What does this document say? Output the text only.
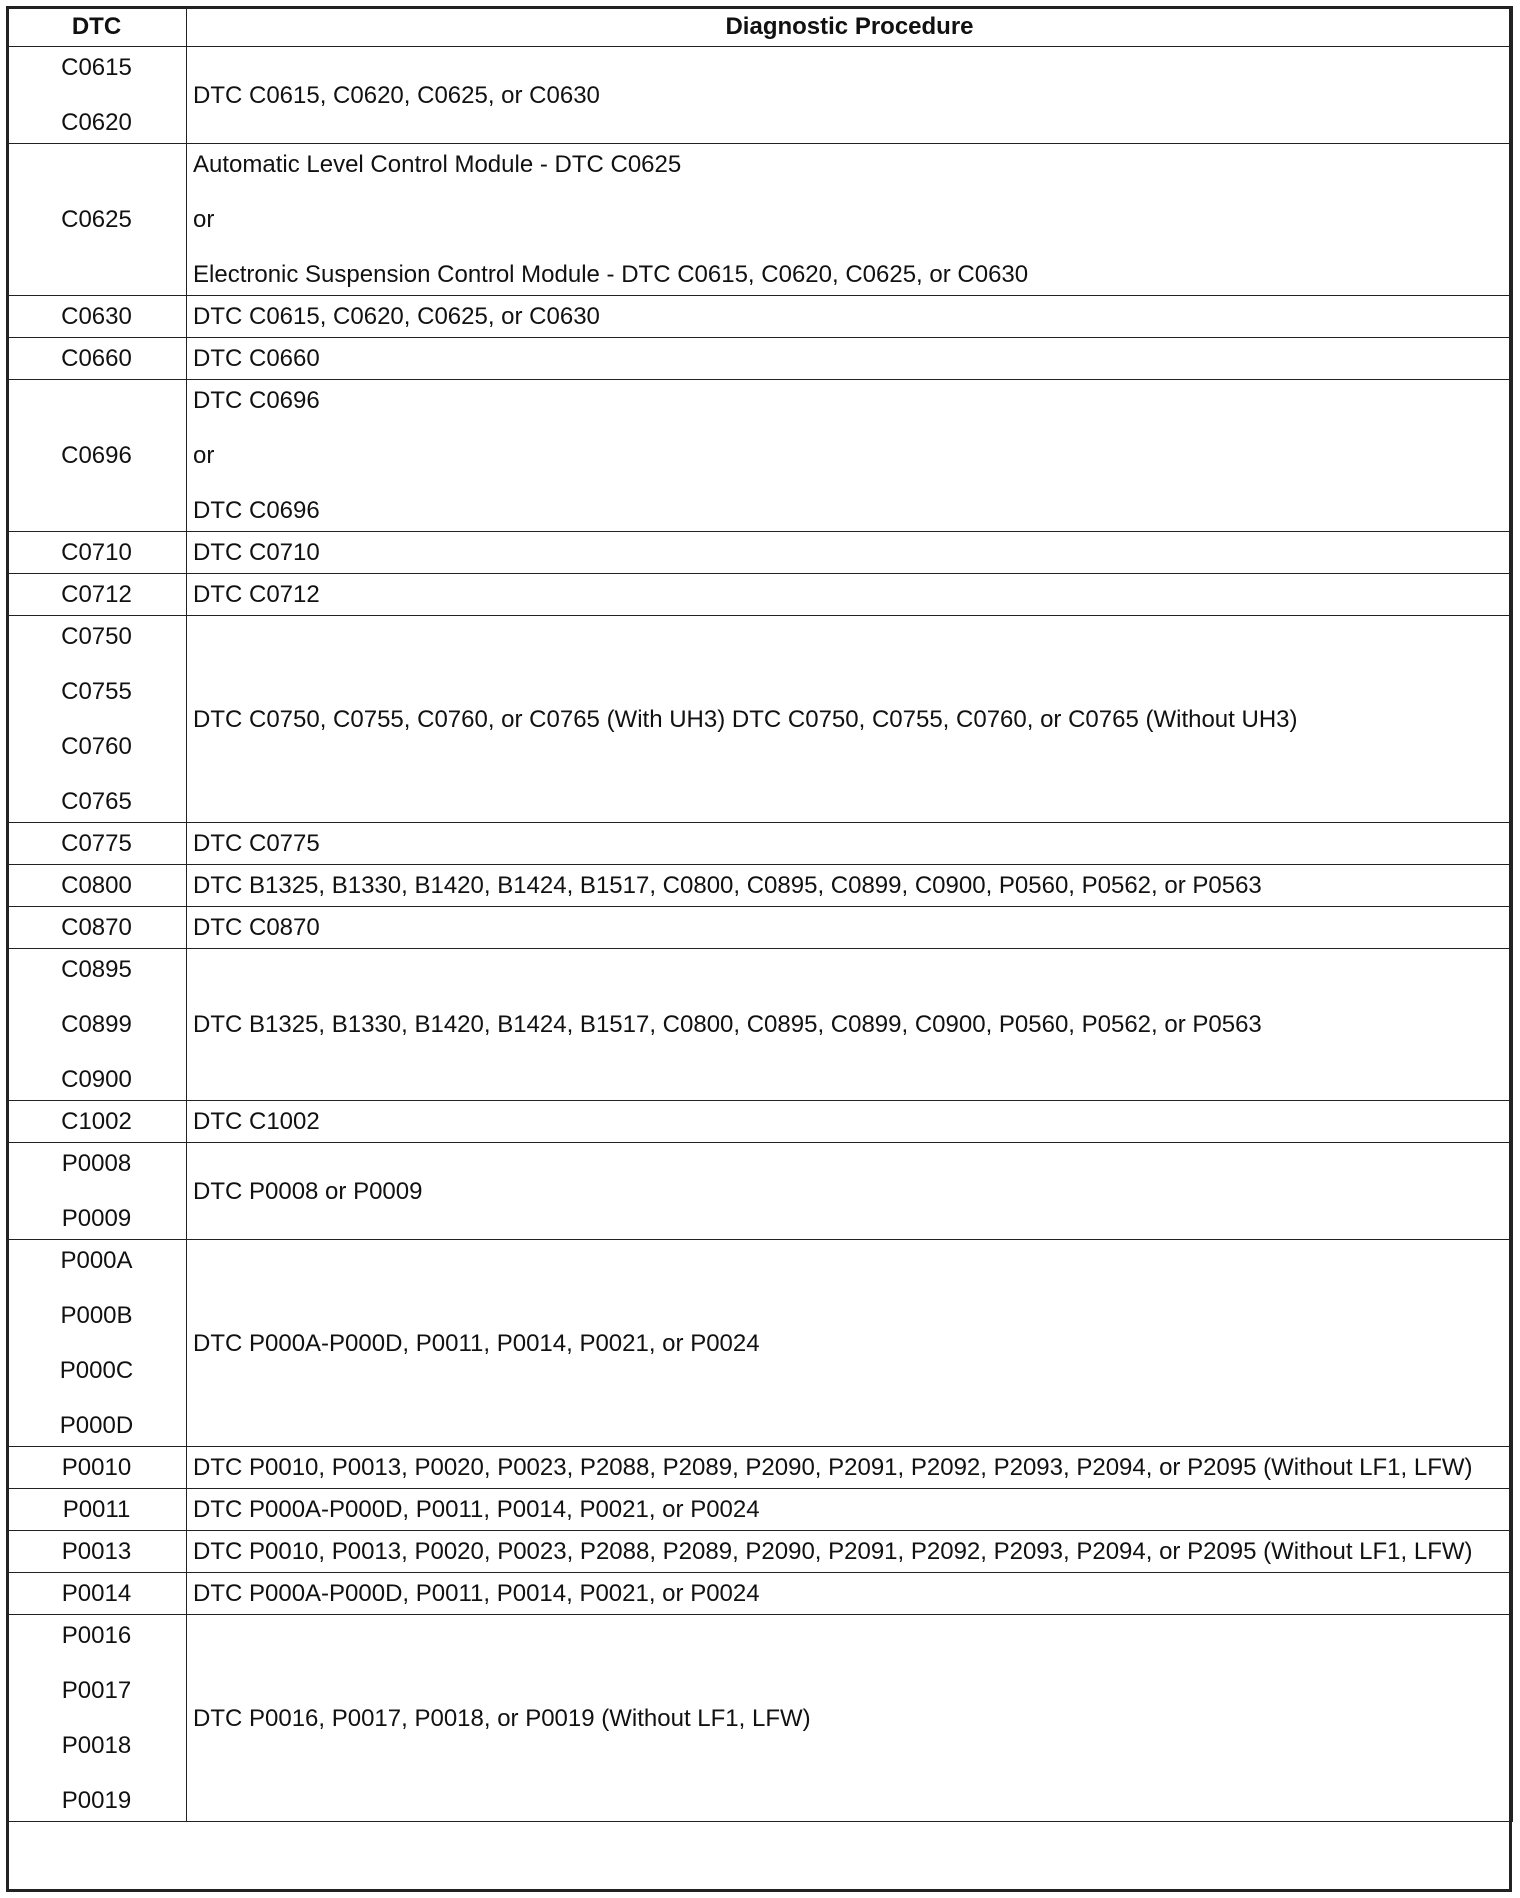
DTC	Diagnostic Procedure

C0615
C0620	DTC C0615, C0620, C0625, or C0630

C0625	Automatic Level Control Module - DTC C0625
or
Electronic Suspension Control Module - DTC C0615, C0620, C0625, or C0630

C0630	DTC C0615, C0620, C0625, or C0630

C0660	DTC C0660

C0696	DTC C0696
or
DTC C0696

C0710	DTC C0710

C0712	DTC C0712

C0750
C0755
C0760
C0765	DTC C0750, C0755, C0760, or C0765 (With UH3) DTC C0750, C0755, C0760, or C0765 (Without UH3)

C0775	DTC C0775

C0800	DTC B1325, B1330, B1420, B1424, B1517, C0800, C0895, C0899, C0900, P0560, P0562, or P0563

C0870	DTC C0870

C0895
C0899
C0900	DTC B1325, B1330, B1420, B1424, B1517, C0800, C0895, C0899, C0900, P0560, P0562, or P0563

C1002	DTC C1002

P0008
P0009	DTC P0008 or P0009

P000A
P000B
P000C
P000D	DTC P000A-P000D, P0011, P0014, P0021, or P0024

P0010	DTC P0010, P0013, P0020, P0023, P2088, P2089, P2090, P2091, P2092, P2093, P2094, or P2095 (Without LF1, LFW)

P0011	DTC P000A-P000D, P0011, P0014, P0021, or P0024

P0013	DTC P0010, P0013, P0020, P0023, P2088, P2089, P2090, P2091, P2092, P2093, P2094, or P2095 (Without LF1, LFW)

P0014	DTC P000A-P000D, P0011, P0014, P0021, or P0024

P0016
P0017
P0018
P0019	DTC P0016, P0017, P0018, or P0019 (Without LF1, LFW)
